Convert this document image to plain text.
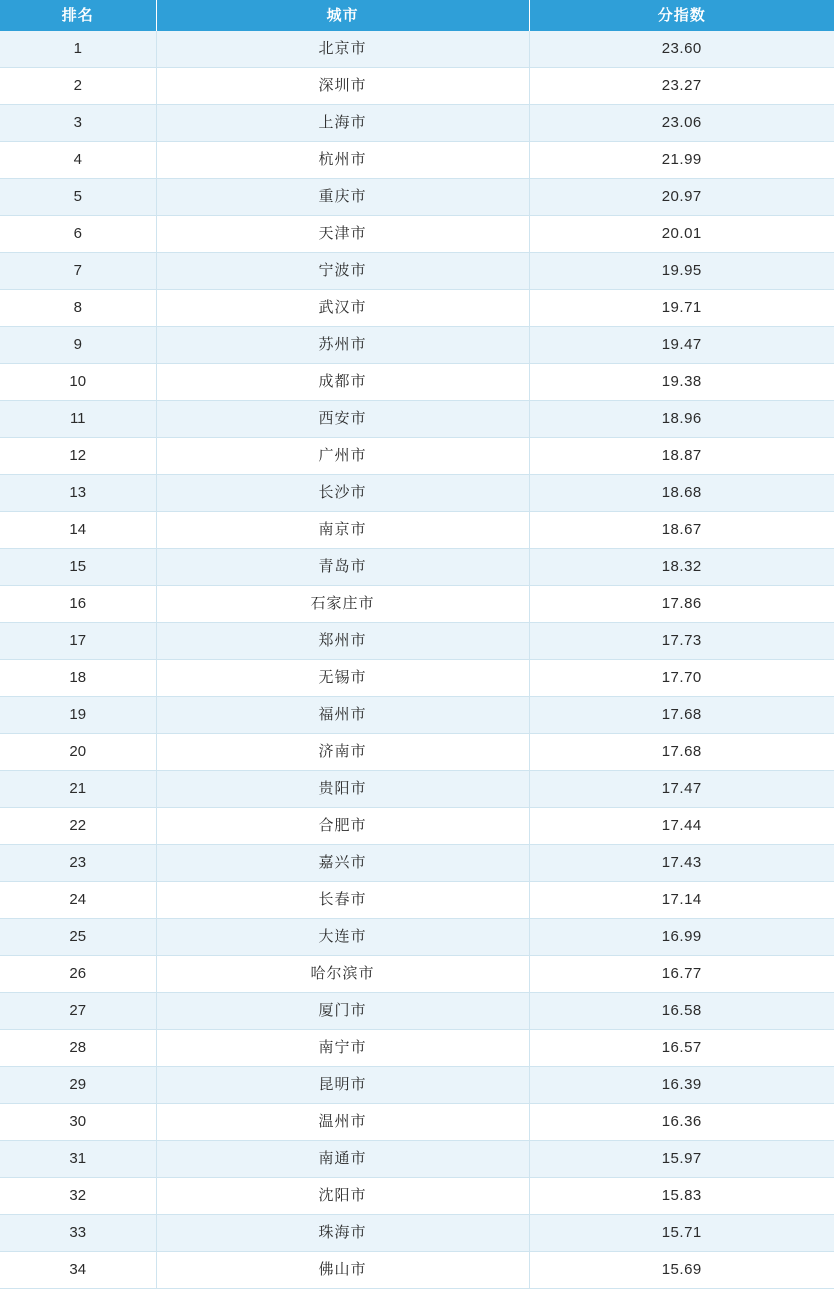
排名	城市	分指数
1	北京市	23.60
2	深圳市	23.27
3	上海市	23.06
4	杭州市	21.99
5	重庆市	20.97
6	天津市	20.01
7	宁波市	19.95
8	武汉市	19.71
9	苏州市	19.47
10	成都市	19.38
11	西安市	18.96
12	广州市	18.87
13	长沙市	18.68
14	南京市	18.67
15	青岛市	18.32
16	石家庄市	17.86
17	郑州市	17.73
18	无锡市	17.70
19	福州市	17.68
20	济南市	17.68
21	贵阳市	17.47
22	合肥市	17.44
23	嘉兴市	17.43
24	长春市	17.14
25	大连市	16.99
26	哈尔滨市	16.77
27	厦门市	16.58
28	南宁市	16.57
29	昆明市	16.39
30	温州市	16.36
31	南通市	15.97
32	沈阳市	15.83
33	珠海市	15.71
34	佛山市	15.69
